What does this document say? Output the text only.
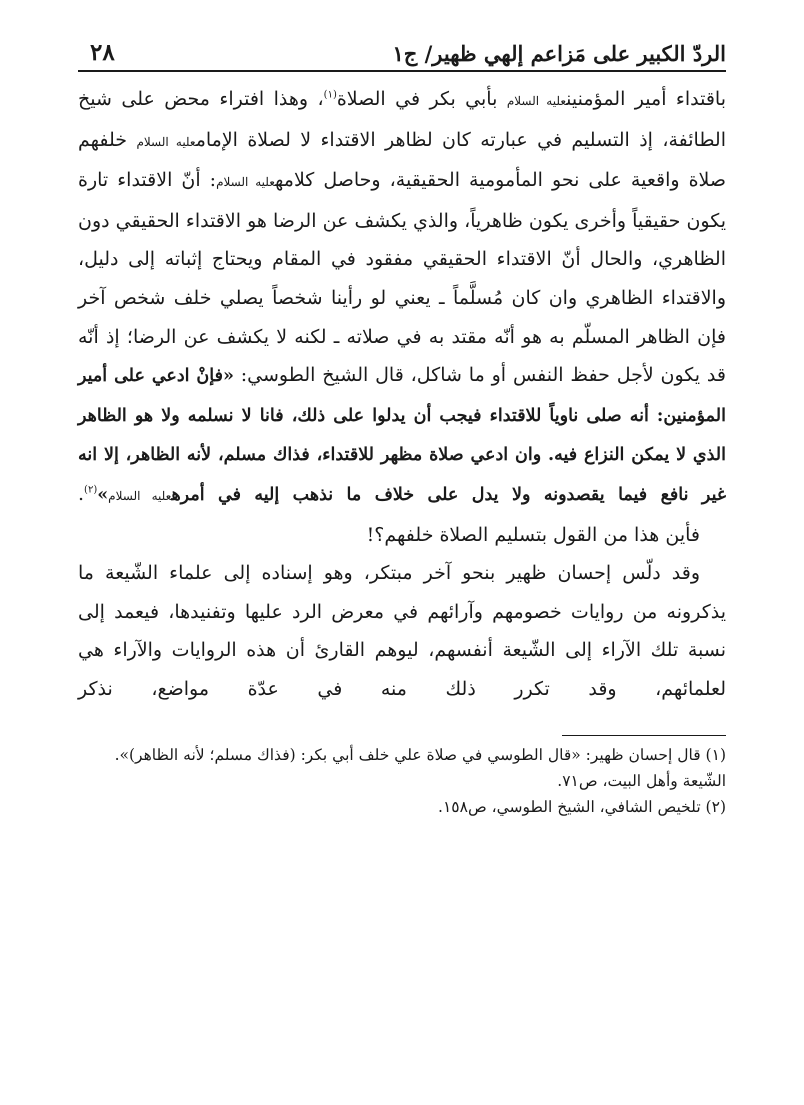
الردّ الكبير على مَزاعم إلهي ظهير/ ج١
٢٨

باقتداء أمير المؤمنينعليه السلام بأبي بكر في الصلاة$^{(١)}$، وهذا افتراء محض على شيخ الطائفة، إذ التسليم في عبارته كان لظاهر الاقتداء لا لصلاة الإمامعليه السلام خلفهم صلاة واقعية على نحو المأمومية الحقيقية، وحاصل كلامهعليه السلام: أنّ الاقتداء تارة يكون حقيقياً وأخرى يكون ظاهرياً، والذي يكشف عن الرضا هو الاقتداء الحقيقي دون الظاهري، والحال أنّ الاقتداء الحقيقي مفقود في المقام ويحتاج إثباته إلى دليل، والاقتداء الظاهري وان كان مُسلَّماً ـ يعني لو رأينا شخصاً يصلي خلف شخص آخر فإن الظاهر المسلّم به هو أنّه مقتد به في صلاته ـ لكنه لا يكشف عن الرضا؛ إذ أنّه قد يكون لأجل حفظ النفس أو ما شاكل، قال الشيخ الطوسي: «فإنْ ادعي على أمير المؤمنين: أنه صلى ناوياً للاقتداء فيجب أن يدلوا على ذلك، فانا لا نسلمه ولا هو الظاهر الذي لا يمكن النزاع فيه. وان ادعي صلاة مظهر للاقتداء، فذاك مسلم، لأنه الظاهر، إلا انه غير نافع فيما يقصدونه ولا يدل على خلاف ما نذهب إليه في أمرهعليه السلام»$^{(٢)}$.

فأين هذا من القول بتسليم الصلاة خلفهم؟!

وقد دلّس إحسان ظهير بنحو آخر مبتكر، وهو إسناده إلى علماء الشّيعة ما يذكرونه من روايات خصومهم وآرائهم في معرض الرد عليها وتفنيدها، فيعمد إلى نسبة تلك الآراء إلى الشّيعة أنفسهم، ليوهم القارئ أن هذه الروايات والآراء هي لعلمائهم، وقد تكرر ذلك منه في عدّة مواضع، نذكر

(١) قال إحسان ظهير: «قال الطوسي في صلاة علي خلف أبي بكر: (فذاك مسلم؛ لأنه الظاهر)».

الشّيعة وأهل البيت، ص٧١.

(٢) تلخيص الشافي، الشيخ الطوسي، ص١٥٨.
